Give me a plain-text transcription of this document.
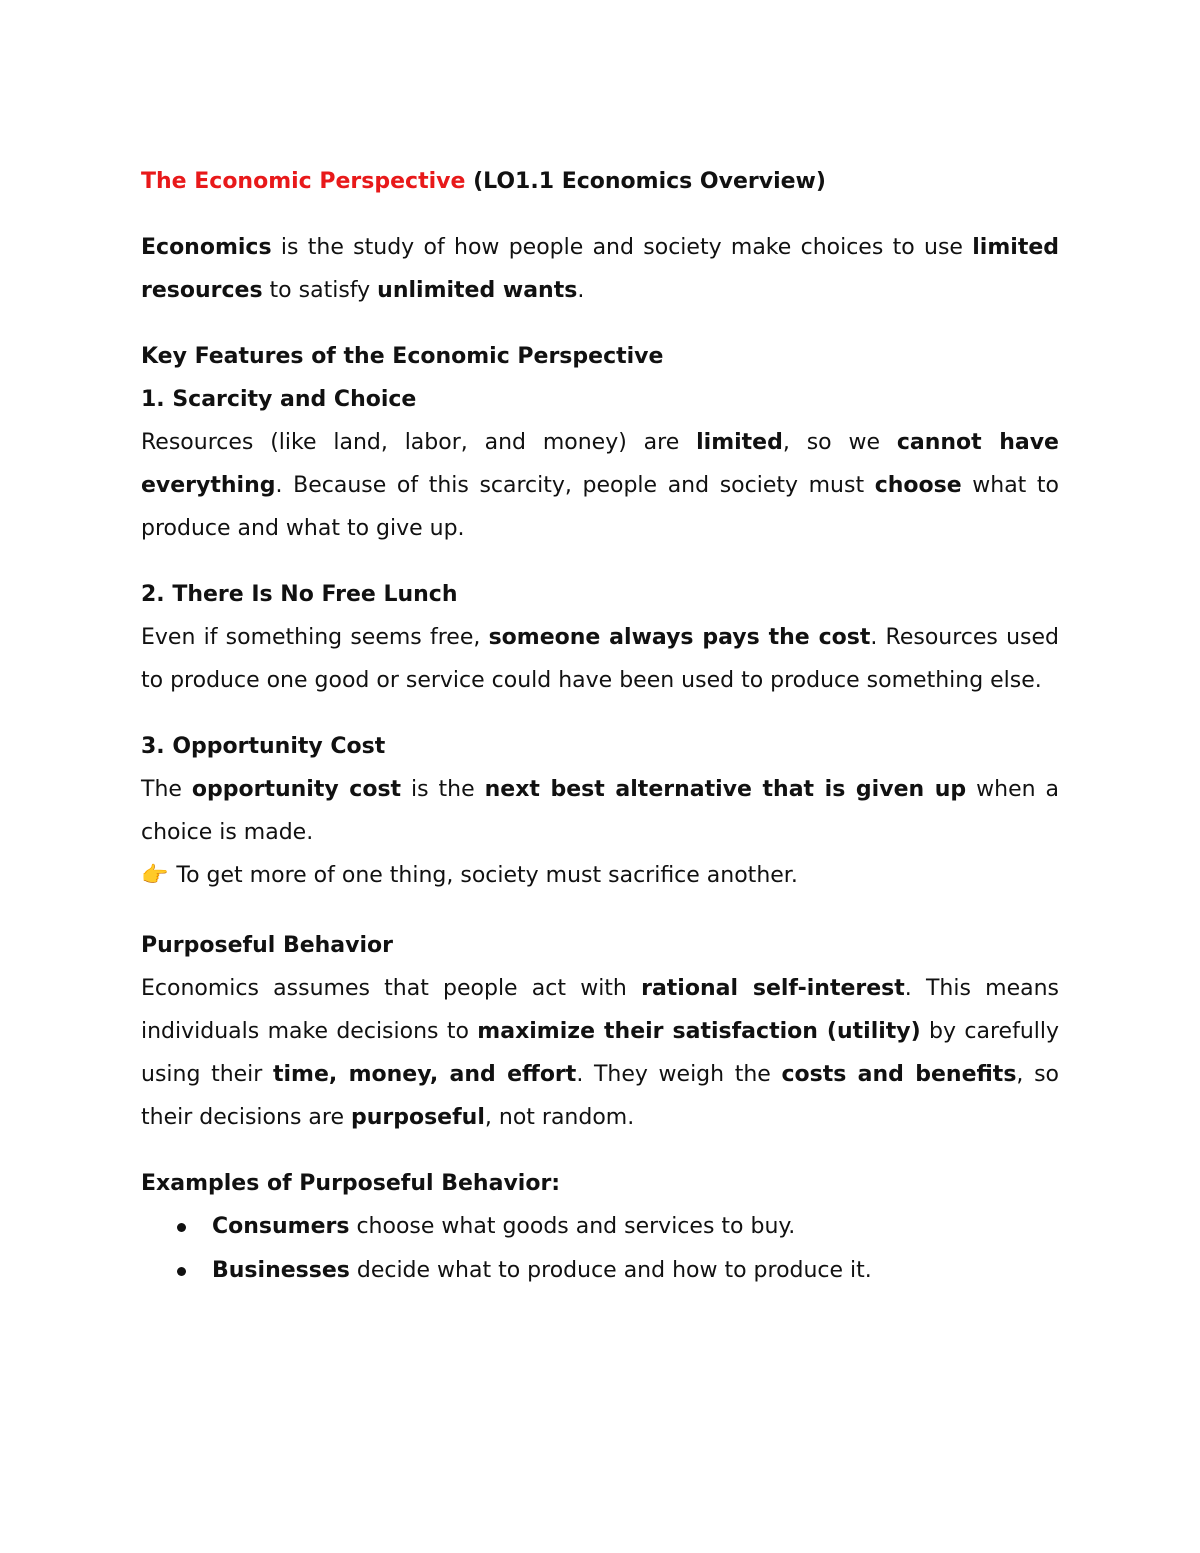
The Economic Perspective (LO1.1 Economics Overview)

Economics is the study of how people and society make choices to use limited resources to satisfy unlimited wants.

Key Features of the Economic Perspective

1. Scarcity and Choice

Resources (like land, labor, and money) are limited, so we cannot have everything. Because of this scarcity, people and society must choose what to produce and what to give up.

2. There Is No Free Lunch

Even if something seems free, someone always pays the cost. Resources used to produce one good or service could have been used to produce something else.

3. Opportunity Cost

The opportunity cost is the next best alternative that is given up when a choice is made.

👉 To get more of one thing, society must sacrifice another.

Purposeful Behavior

Economics assumes that people act with rational self-interest. This means individuals make decisions to maximize their satisfaction (utility) by carefully using their time, money, and effort. They weigh the costs and benefits, so their decisions are purposeful, not random.

Examples of Purposeful Behavior:

Consumers choose what goods and services to buy.
Businesses decide what to produce and how to produce it.
